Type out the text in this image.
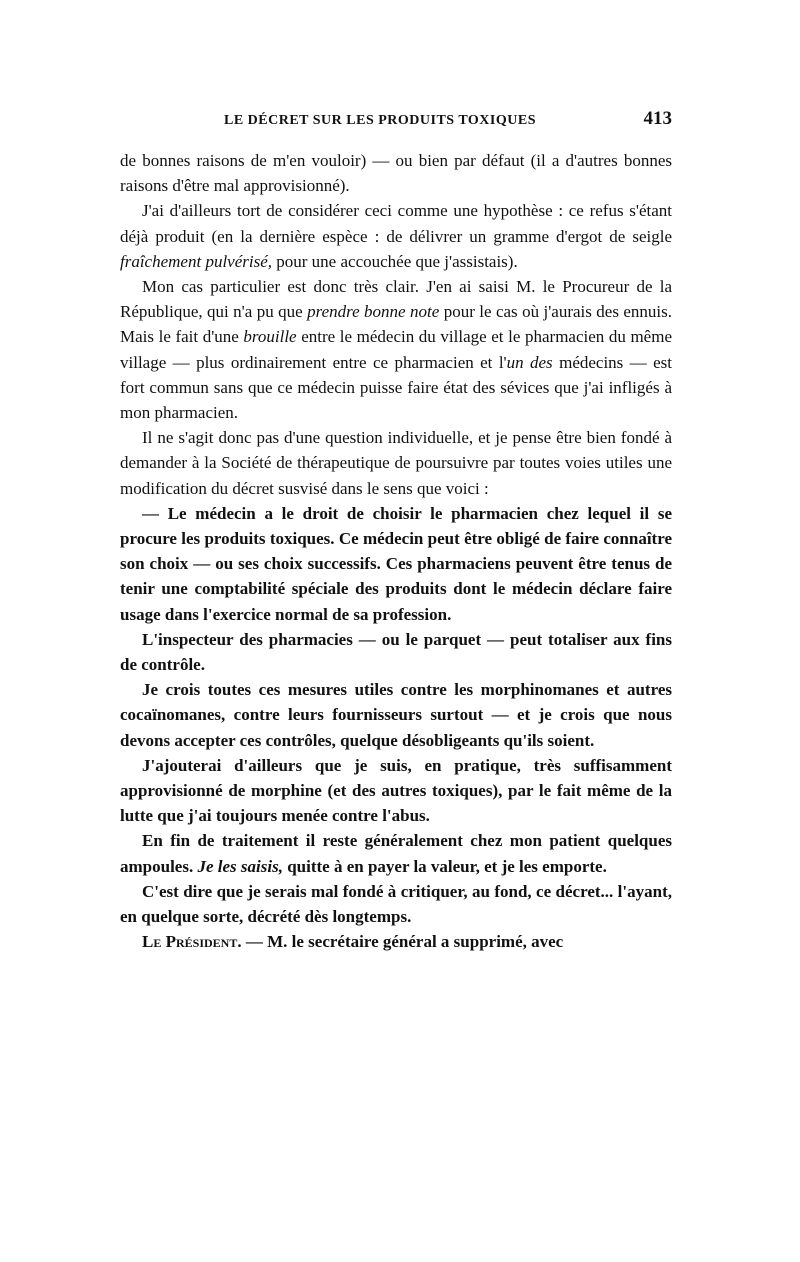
LE DÉCRET SUR LES PRODUITS TOXIQUES	413

de bonnes raisons de m'en vouloir) — ou bien par défaut (il a d'autres bonnes raisons d'être mal approvisionné).

J'ai d'ailleurs tort de considérer ceci comme une hypothèse : ce refus s'étant déjà produit (en la dernière espèce : de délivrer un gramme d'ergot de seigle fraîchement pulvérisé, pour une accouchée que j'assistais).

Mon cas particulier est donc très clair. J'en ai saisi M. le Procureur de la République, qui n'a pu que prendre bonne note pour le cas où j'aurais des ennuis. Mais le fait d'une brouille entre le médecin du village et le pharmacien du même village — plus ordinairement entre ce pharmacien et l'un des médecins — est fort commun sans que ce médecin puisse faire état des sévices que j'ai infligés à mon pharmacien.

Il ne s'agit donc pas d'une question individuelle, et je pense être bien fondé à demander à la Société de thérapeutique de poursuivre par toutes voies utiles une modification du décret susvisé dans le sens que voici :

— Le médecin a le droit de choisir le pharmacien chez lequel il se procure les produits toxiques. Ce médecin peut être obligé de faire connaître son choix — ou ses choix successifs. Ces pharmaciens peuvent être tenus de tenir une comptabilité spéciale des produits dont le médecin déclare faire usage dans l'exercice normal de sa profession.

L'inspecteur des pharmacies — ou le parquet — peut totaliser aux fins de contrôle.

Je crois toutes ces mesures utiles contre les morphinomanes et autres cocaïnomanes, contre leurs fournisseurs surtout — et je crois que nous devons accepter ces contrôles, quelque désobligeants qu'ils soient.

J'ajouterai d'ailleurs que je suis, en pratique, très suffisamment approvisionné de morphine (et des autres toxiques), par le fait même de la lutte que j'ai toujours menée contre l'abus.

En fin de traitement il reste généralement chez mon patient quelques ampoules. Je les saisis, quitte à en payer la valeur, et je les emporte.

C'est dire que je serais mal fondé à critiquer, au fond, ce décret... l'ayant, en quelque sorte, décrété dès longtemps.

Le Président. — M. le secrétaire général a supprimé, avec
